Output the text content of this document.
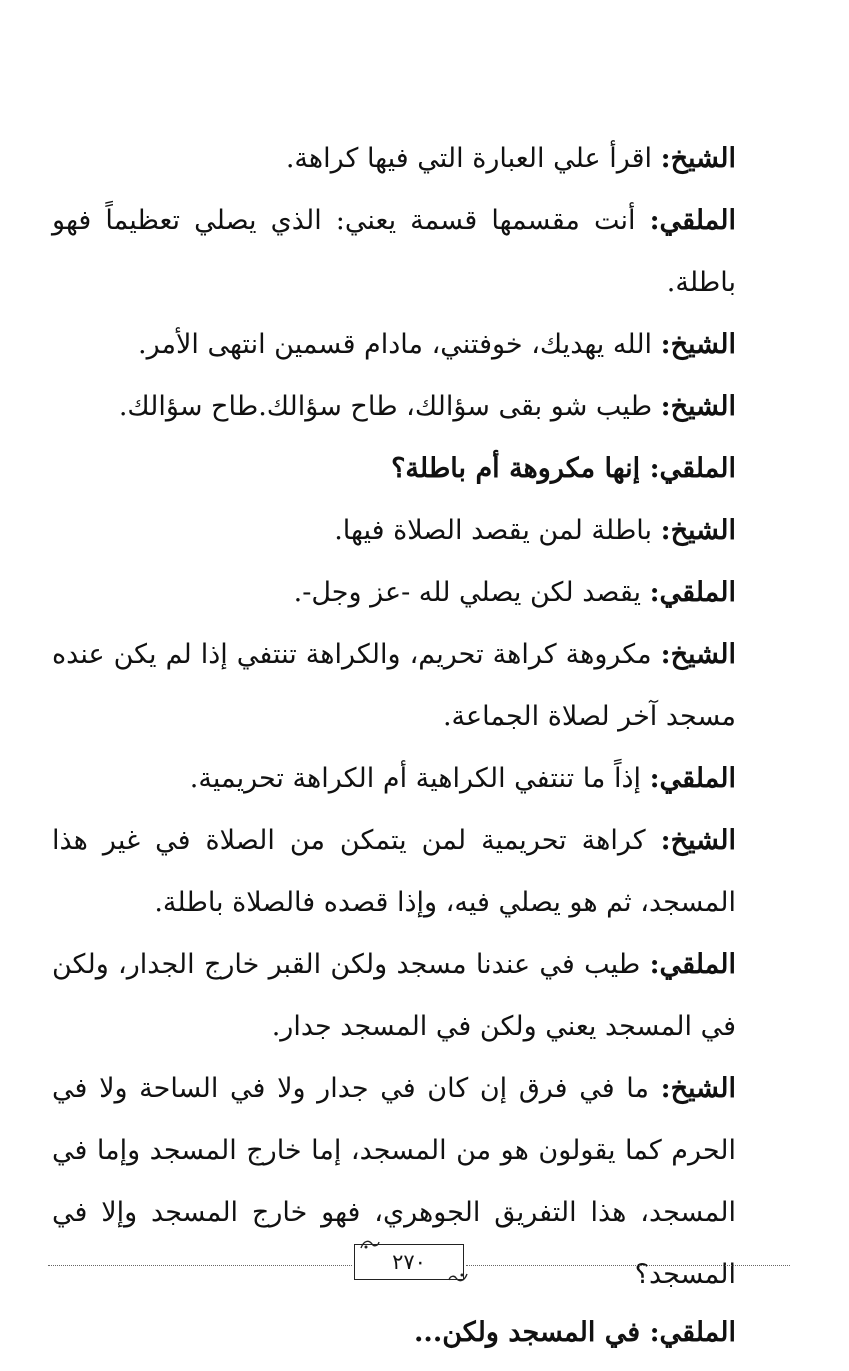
الشيخ: اقرأ علي العبارة التي فيها كراهة.

الملقي: أنت مقسمها قسمة يعني: الذي يصلي تعظيماً فهو باطلة.

الشيخ: الله يهديك، خوفتني، مادام قسمين انتهى الأمر.

الشيخ: طيب شو بقى سؤالك، طاح سؤالك.طاح سؤالك.

الملقي: إنها مكروهة أم باطلة؟

الشيخ: باطلة لمن يقصد الصلاة فيها.

الملقي: يقصد لكن يصلي لله -عز وجل-.

الشيخ: مكروهة كراهة تحريم، والكراهة تنتفي إذا لم يكن عنده مسجد آخر لصلاة الجماعة.

الملقي: إذاً ما تنتفي الكراهية أم الكراهة تحريمية.

الشيخ: كراهة تحريمية لمن يتمكن من الصلاة في غير هذا المسجد، ثم هو يصلي فيه، وإذا قصده فالصلاة باطلة.

الملقي: طيب في عندنا مسجد ولكن القبر خارج الجدار، ولكن في المسجد يعني ولكن في المسجد جدار.

الشيخ: ما في فرق إن كان في جدار ولا في الساحة ولا في الحرم كما يقولون هو من المسجد، إما خارج المسجد وإما في المسجد، هذا التفريق الجوهري، فهو خارج المسجد وإلا في المسجد؟

الملقي: في المسجد ولكن...

٢٧٠
